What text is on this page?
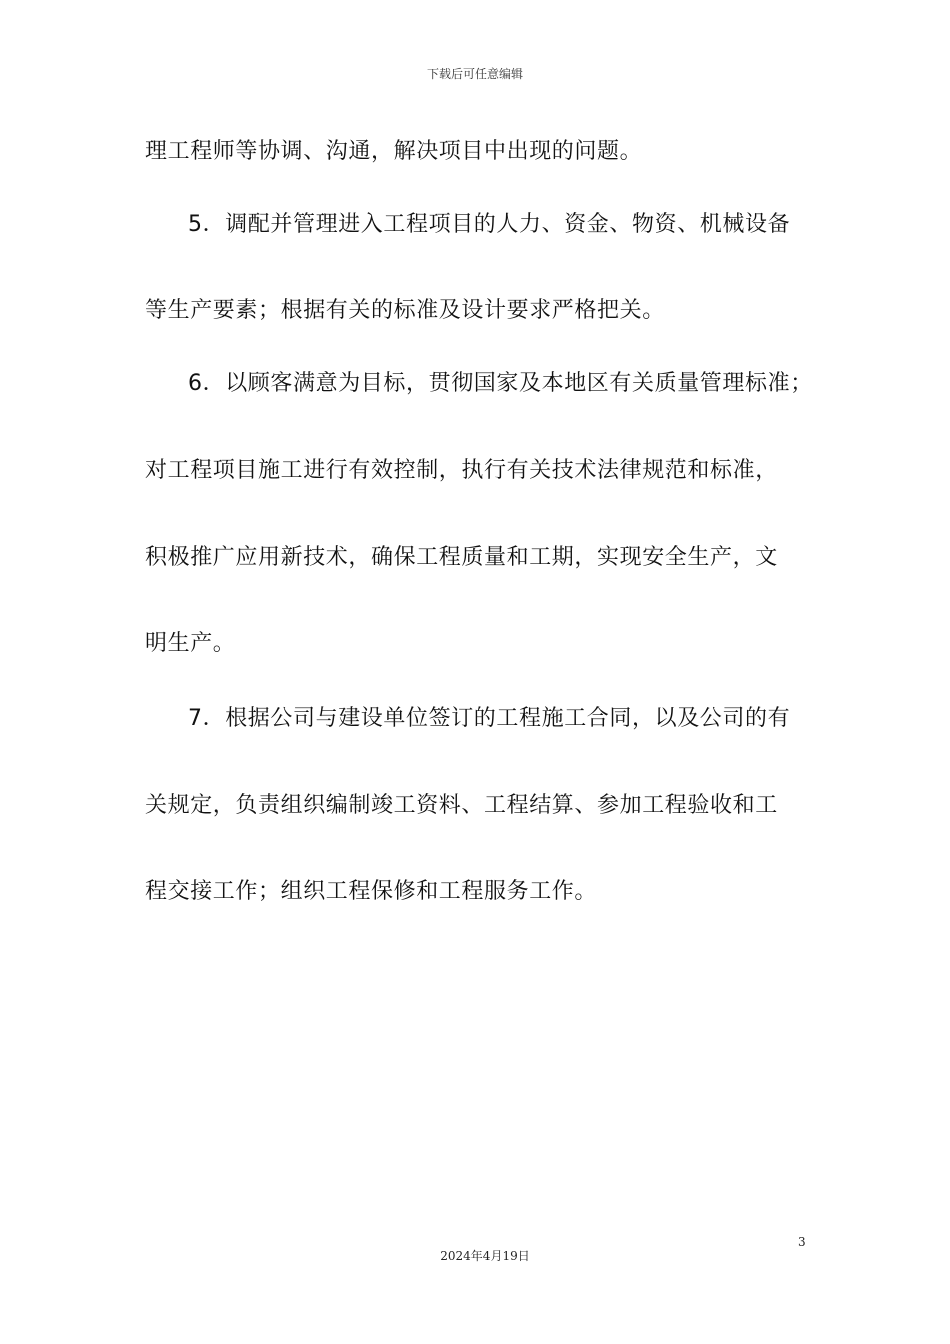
下载后可任意编辑
理工程师等协调、沟通，解决项目中出现的问题。
5．调配并管理进入工程项目的人力、资金、物资、机械设备
等生产要素；根据有关的标准及设计要求严格把关。
6．以顾客满意为目标，贯彻国家及本地区有关质量管理标准；
对工程项目施工进行有效控制，执行有关技术法律规范和标准，
积极推广应用新技术，确保工程质量和工期，实现安全生产，文
明生产。
7．根据公司与建设单位签订的工程施工合同，以及公司的有
关规定，负责组织编制竣工资料、工程结算、参加工程验收和工
程交接工作；组织工程保修和工程服务工作。
3
2024年4月19日
